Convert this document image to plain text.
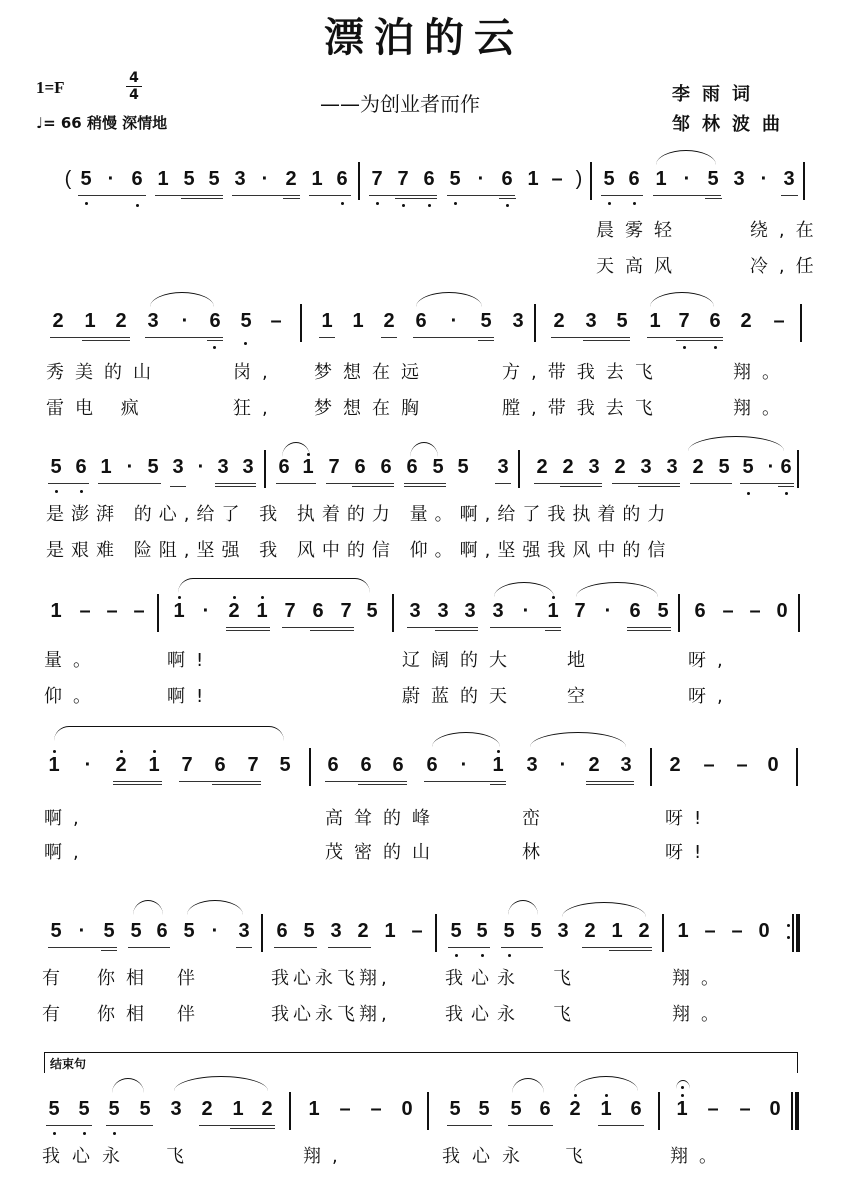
漂泊的云
1=F	4
4
♩= 66 稍慢 深情地
——为创业者而作	李雨词
邹林波曲
( 5 · 6 1 5 5 3 · 2 1 6 7 7 6 5 · 6 1 – ) 5 6 1 · 5 3 · 3
晨雾轻    绕,在
天高风    冷,任
2 1 2 3 · 6 5 – 1 1 2 6 · 5 3 2 3 5 1 7 6 2 –
秀美的山	岗, 梦想在远	方,带我去飞	翔。
雷电 疯	狂, 梦想在胸	膛,带我去飞	翔。
5 6 1 · 5 3 · 3 3 6 1 7 6 6 6 5 5 3 2 2 3 2 3 3 2 5 5 · 6
是澎湃 的心,给了 我 执着的力 量。啊,给了我执着的力
是艰难 险阻,坚强 我 风中的信 仰。啊,坚强我风中的信
1 – – – 1 · 2 1 7 6 7 5 3 3 3 3 · 1 7 · 6 5 6 – – 0
量。	啊!	辽阔的大	地	呀,
仰。	啊!	蔚蓝的天	空	呀,
1 · 2 1 7 6 7 5 6 6 6 6 · 1 3 · 2 3 2 – – 0
啊,	高耸的峰	峦	呀!
啊,	茂密的山	林	呀!
5 · 5 5 6 5 · 3 6 5 3 2 1 – 5 5 5 5 3 2 1 2 1 – – 0
有 你相 伴	我心永飞翔,	我心永 飞	翔。
有 你相 伴	我心永飞翔,	我心永 飞	翔。
结束句
5 5 5 5 3 2 1 2 1 – – 0 5 5 5 6 2 1 6 1 – – 0
我心永 飞	翔,	我心永 飞	翔。
